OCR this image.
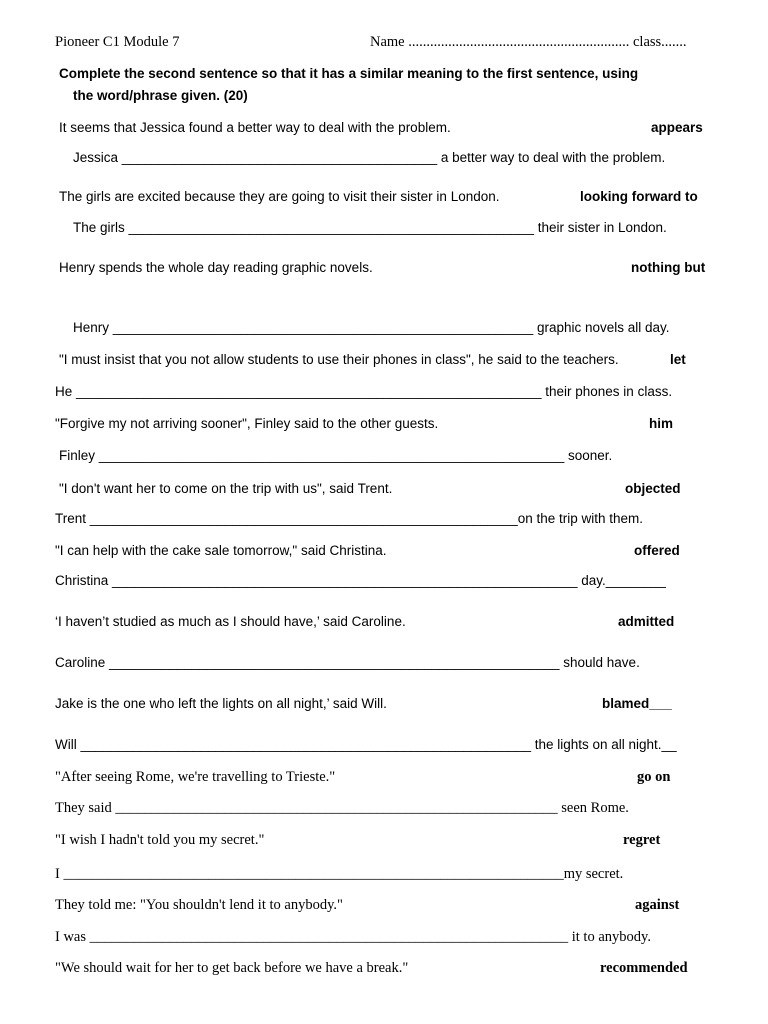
Pioneer C1 Module 7	Name ............................................................. class.......
Complete the second sentence so that it has a similar meaning to the first sentence, using
the word/phrase given. (20)
It seems that Jessica found a better way to deal with the problem.	appears
Jessica __________________________________________ a better way to deal with the problem.
The girls are excited because they are going to visit their sister in London.	looking forward to
The girls ______________________________________________________ their sister in London.
Henry spends the whole day reading graphic novels.	nothing but
Henry ________________________________________________________ graphic novels all day.
"I must insist that you not allow students to use their phones in class", he said to the teachers.	let
He ______________________________________________________________ their phones in class.
"Forgive my not arriving sooner", Finley said to the other guests.	him
Finley ______________________________________________________________ sooner.
"I don't want her to come on the trip with us", said Trent.	objected
Trent _________________________________________________________on the trip with them.
"I can help with the cake sale tomorrow," said Christina.	offered
Christina ______________________________________________________________ day.________
‘I haven’t studied as much as I should have,’ said Caroline.	admitted
Caroline ____________________________________________________________ should have.
Jake is the one who left the lights on all night,’ said Will.	blamed___
Will ____________________________________________________________ the lights on all night.__
"After seeing Rome, we're travelling to Trieste."	go on
They said _____________________________________________________________ seen Rome.
"I wish I hadn't told you my secret."	regret
I _____________________________________________________________________my secret.
They told me: "You shouldn't lend it to anybody."	against
I was __________________________________________________________________ it to anybody.
"We should wait for her to get back before we have a break."	recommended
